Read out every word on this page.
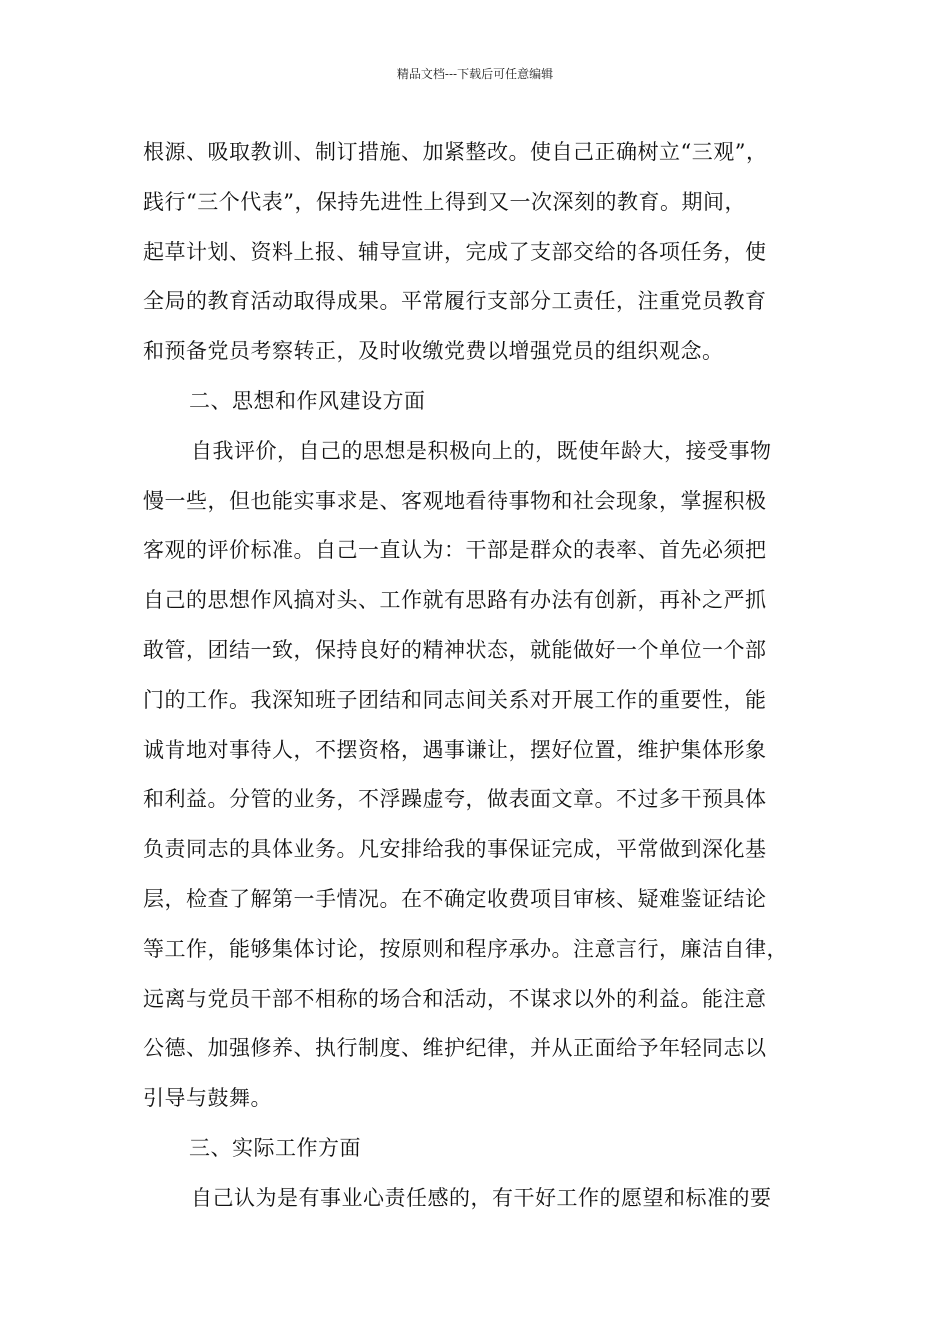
精品文档---下载后可任意编辑
根源、吸取教训、制订措施、加紧整改。使自己正确树立“三观”，
践行“三个代表”，保持先进性上得到又一次深刻的教育。期间，
起草计划、资料上报、辅导宣讲，完成了支部交给的各项任务，使
全局的教育活动取得成果。平常履行支部分工责任，注重党员教育
和预备党员考察转正，及时收缴党费以增强党员的组织观念。
二、思想和作风建设方面
自我评价，自己的思想是积极向上的，既使年龄大，接受事物
慢一些，但也能实事求是、客观地看待事物和社会现象，掌握积极
客观的评价标准。自己一直认为：干部是群众的表率、首先必须把
自己的思想作风搞对头、工作就有思路有办法有创新，再补之严抓
敢管，团结一致，保持良好的精神状态，就能做好一个单位一个部
门的工作。我深知班子团结和同志间关系对开展工作的重要性，能
诚肯地对事待人，不摆资格，遇事谦让，摆好位置，维护集体形象
和利益。分管的业务，不浮躁虚夸，做表面文章。不过多干预具体
负责同志的具体业务。凡安排给我的事保证完成，平常做到深化基
层，检查了解第一手情况。在不确定收费项目审核、疑难鉴证结论
等工作，能够集体讨论，按原则和程序承办。注意言行，廉洁自律，
远离与党员干部不相称的场合和活动，不谋求以外的利益。能注意
公德、加强修养、执行制度、维护纪律，并从正面给予年轻同志以
引导与鼓舞。
三、实际工作方面
自己认为是有事业心责任感的，有干好工作的愿望和标准的要
